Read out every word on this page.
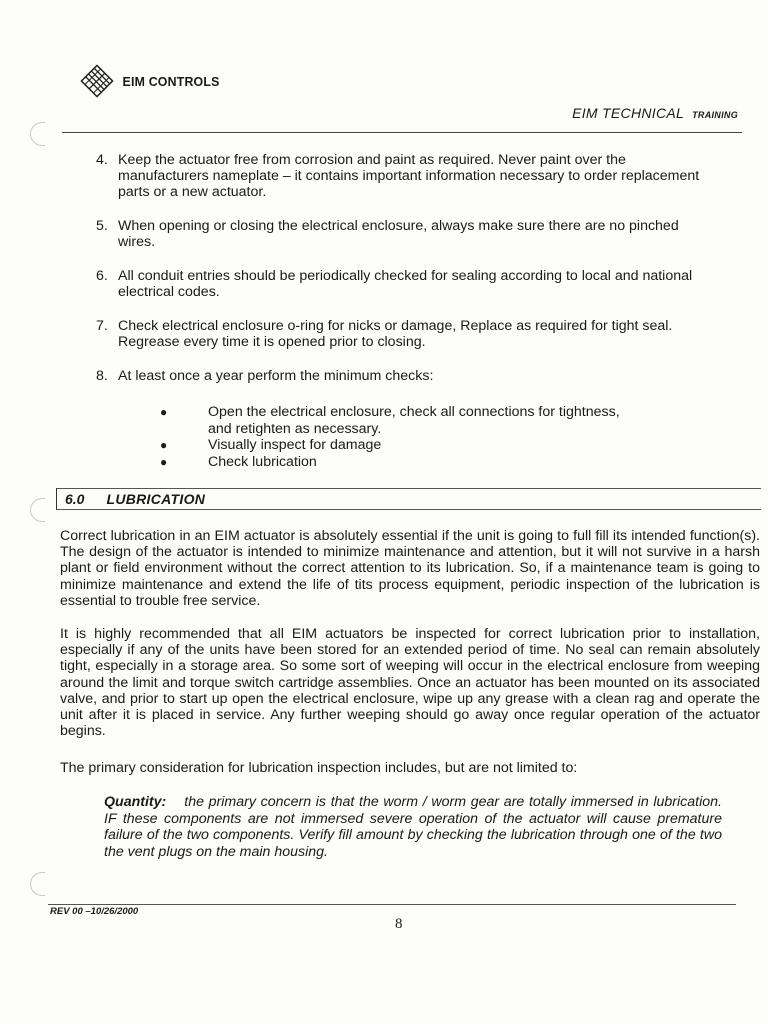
EIM CONTROLS
EIM TECHNICAL TRAINING
4. Keep the actuator free from corrosion and paint as required. Never paint over the manufacturers nameplate – it contains important information necessary to order replacement parts or a new actuator.
5. When opening or closing the electrical enclosure, always make sure there are no pinched wires.
6. All conduit entries should be periodically checked for sealing according to local and national electrical codes.
7. Check electrical enclosure o-ring for nicks or damage, Replace as required for tight seal. Regrease every time it is opened prior to closing.
8. At least once a year perform the minimum checks:
●	Open the electrical enclosure, check all connections for tightness, and retighten as necessary.
●	Visually inspect for damage
●	Check lubrication
6.0 LUBRICATION
Correct lubrication in an EIM actuator is absolutely essential if the unit is going to full fill its intended function(s). The design of the actuator is intended to minimize maintenance and attention, but it will not survive in a harsh plant or field environment without the correct attention to its lubrication. So, if a maintenance team is going to minimize maintenance and extend the life of tits process equipment, periodic inspection of the lubrication is essential to trouble free service.
It is highly recommended that all EIM actuators be inspected for correct lubrication prior to installation, especially if any of the units have been stored for an extended period of time. No seal can remain absolutely tight, especially in a storage area. So some sort of weeping will occur in the electrical enclosure from weeping around the limit and torque switch cartridge assemblies. Once an actuator has been mounted on its associated valve, and prior to start up open the electrical enclosure, wipe up any grease with a clean rag and operate the unit after it is placed in service. Any further weeping should go away once regular operation of the actuator begins.
The primary consideration for lubrication inspection includes, but are not limited to:
Quantity: the primary concern is that the worm / worm gear are totally immersed in lubrication. IF these components are not immersed severe operation of the actuator will cause premature failure of the two components. Verify fill amount by checking the lubrication through one of the two the vent plugs on the main housing.
REV 00 –10/26/2000
8
